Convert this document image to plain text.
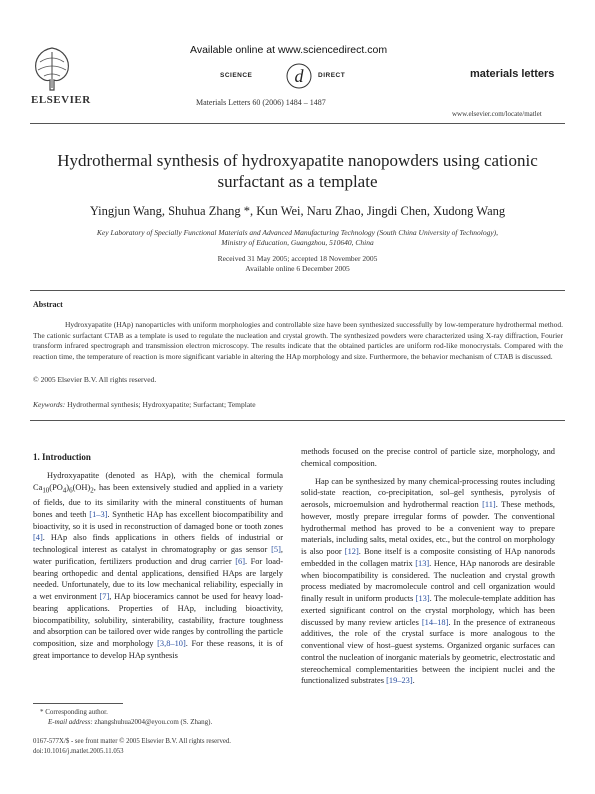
ELSEVIER
Available online at www.sciencedirect.com
SCIENCE d DIRECT
Materials Letters 60 (2006) 1484 – 1487
materials letters
www.elsevier.com/locate/matlet
Hydrothermal synthesis of hydroxyapatite nanopowders using cationic
surfactant as a template
Yingjun Wang, Shuhua Zhang *, Kun Wei, Naru Zhao, Jingdi Chen, Xudong Wang
Key Laboratory of Specially Functional Materials and Advanced Manufacturing Technology (South China University of Technology),
Ministry of Education, Guangzhou, 510640, China
Received 31 May 2005; accepted 18 November 2005
Available online 6 December 2005
Abstract
Hydroxyapatite (HAp) nanoparticles with uniform morphologies and controllable size have been synthesized successfully by low-temperature hydrothermal method. The cationic surfactant CTAB as a template is used to regulate the nucleation and crystal growth. The synthesized powders were characterized using X-ray diffraction, Fourier transform infrared spectrograph and transmission electron microscopy. The results indicate that the obtained particles are uniform rod-like monocrystals. Compared with the reaction time, the temperature of reaction is more significant variable in altering the HAp morphology and size. Furthermore, the behavior mechanism of CTAB is discussed.
© 2005 Elsevier B.V. All rights reserved.
Keywords: Hydrothermal synthesis; Hydroxyapatite; Surfactant; Template
1. Introduction

Hydroxyapatite (denoted as HAp), with the chemical formula $Ca_{10}(PO_4)_6(OH)_2$, has been extensively studied and applied in a variety of fields, due to its similarity with the mineral constituents of human bones and teeth [1–3]. Synthetic HAp has excellent biocompatibility and bioactivity, so it is used in reconstruction of damaged bone or tooth zones [4]. HAp also finds applications in others fields of industrial or technological interest as catalyst in chromatography or gas sensor [5], water purification, fertilizers production and drug carrier [6]. For load-bearing orthopedic and dental applications, densified HAps are largely needed. Unfortunately, due to its low mechanical reliability, especially in a wet environment [7], HAp bioceramics cannot be used for heavy load-bearing applications. Properties of HAp, including bioactivity, biocompatibility, solubility, sinterability, castability, fracture toughness and absorption can be tailored over wide ranges by controlling the particle composition, size and morphology [3,8–10]. For these reasons, it is of great importance to develop HAp synthesis

methods focused on the precise control of particle size, morphology, and chemical composition.

Hap can be synthesized by many chemical-processing routes including solid-state reaction, co-precipitation, sol–gel synthesis, pyrolysis of aerosols, microemulsion and hydrothermal reaction [11]. These methods, however, mostly prepare irregular forms of powder. The conventional hydrothermal method has proved to be a convenient way to prepare materials, including salts, metal oxides, etc., but the control on morphology is also poor [12]. Bone itself is a composite consisting of HAp nanorods embedded in the collagen matrix [13]. Hence, HAp nanorods are desirable when biocompatibility is considered. The nucleation and crystal growth process mediated by macromolecule control and cell organization would finally result in uniform products [13]. The molecule-template addition has exerted significant control on the crystal morphology, which has been discussed by many review articles [14–18]. In the presence of extraneous additives, the role of the crystal surface is more analogous to the conventional view of host–guest systems. Organized organic surfaces can control the nucleation of inorganic materials by geometric, electrostatic and stereochemical complementarities between the incipient nuclei and the functionalized substrates [19–23].

* Corresponding author.
E-mail address: zhangshuhua2004@eyou.com (S. Zhang).
0167-577X/$ - see front matter © 2005 Elsevier B.V. All rights reserved.
doi:10.1016/j.matlet.2005.11.053
